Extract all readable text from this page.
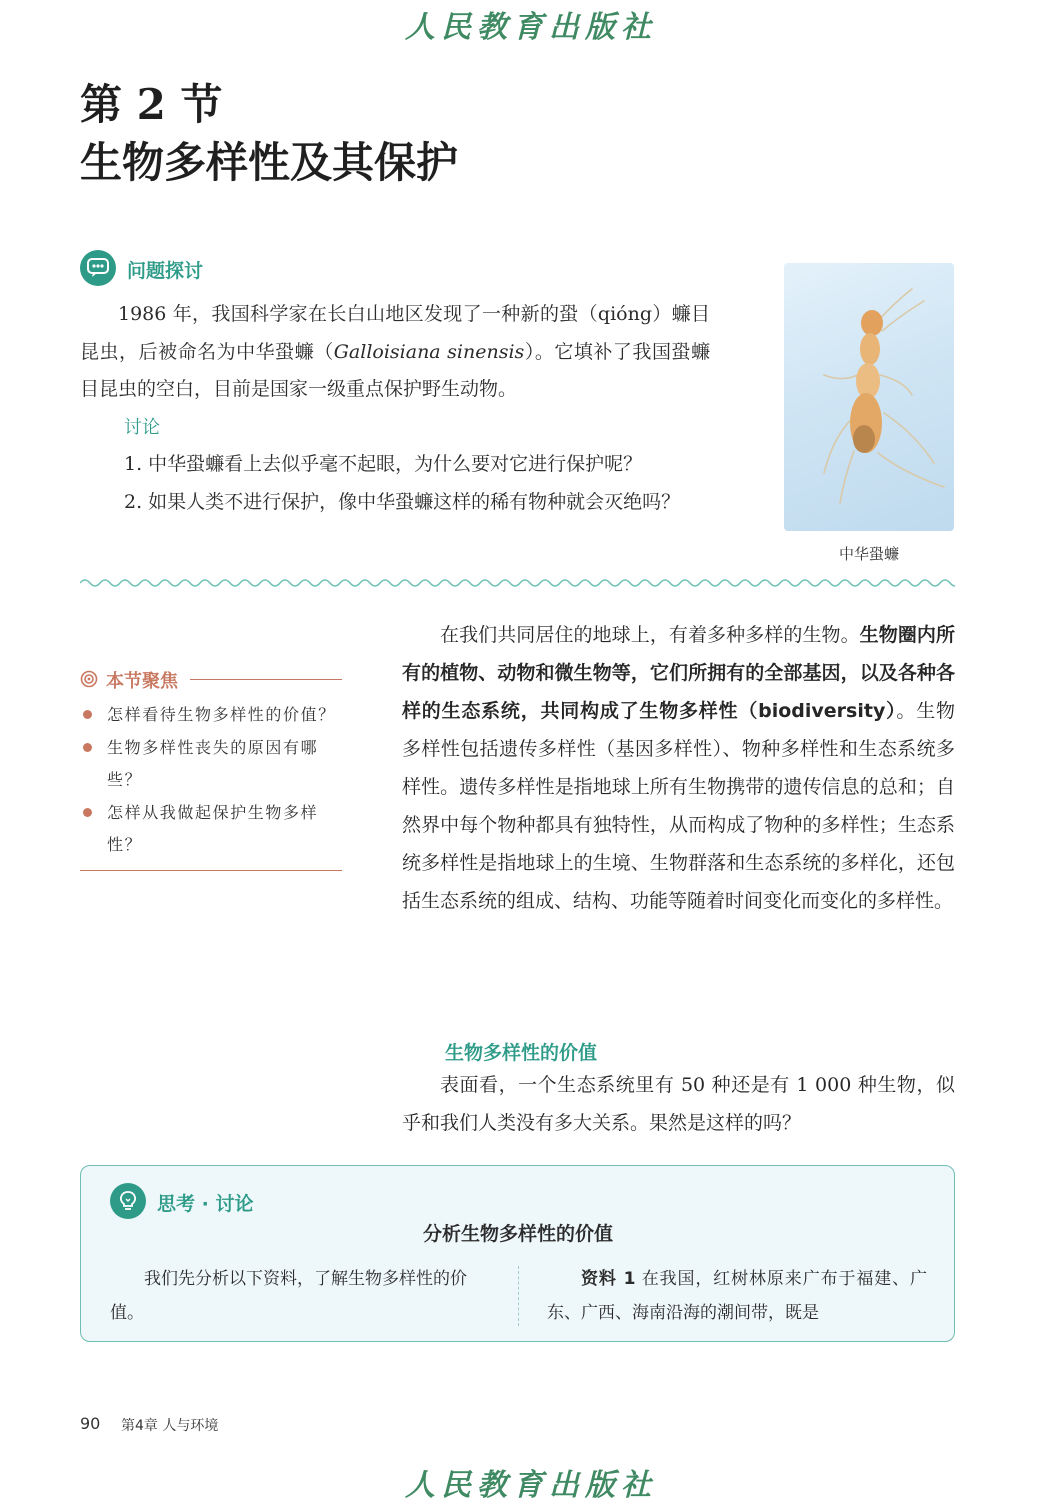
人民教育出版社
第 2 节
生物多样性及其保护
问题探讨

1986 年，我国科学家在长白山地区发现了一种新的蛩（qióng）蠊目昆虫，后被命名为中华蛩蠊（Galloisiana sinensis）。它填补了我国蛩蠊目昆虫的空白，目前是国家一级重点保护野生动物。

讨论

1. 中华蛩蠊看上去似乎毫不起眼，为什么要对它进行保护呢？

2. 如果人类不进行保护，像中华蛩蠊这样的稀有物种就会灭绝吗？

中华蛩蠊
本节聚焦
怎样看待生物多样性的价值？
生物多样性丧失的原因有哪些？
怎样从我做起保护生物多样性？
在我们共同居住的地球上，有着多种多样的生物。生物圈内所有的植物、动物和微生物等，它们所拥有的全部基因，以及各种各样的生态系统，共同构成了生物多样性（biodiversity）。生物多样性包括遗传多样性（基因多样性）、物种多样性和生态系统多样性。遗传多样性是指地球上所有生物携带的遗传信息的总和；自然界中每个物种都具有独特性，从而构成了物种的多样性；生态系统多样性是指地球上的生境、生物群落和生态系统的多样化，还包括生态系统的组成、结构、功能等随着时间变化而变化的多样性。
生物多样性的价值
表面看，一个生态系统里有 50 种还是有 1 000 种生物，似乎和我们人类没有多大关系。果然是这样的吗？
思考 · 讨论
分析生物多样性的价值
我们先分析以下资料，了解生物多样性的价值。
资料 1 在我国，红树林原来广布于福建、广东、广西、海南沿海的潮间带，既是
90 第4章 人与环境
人民教育出版社
